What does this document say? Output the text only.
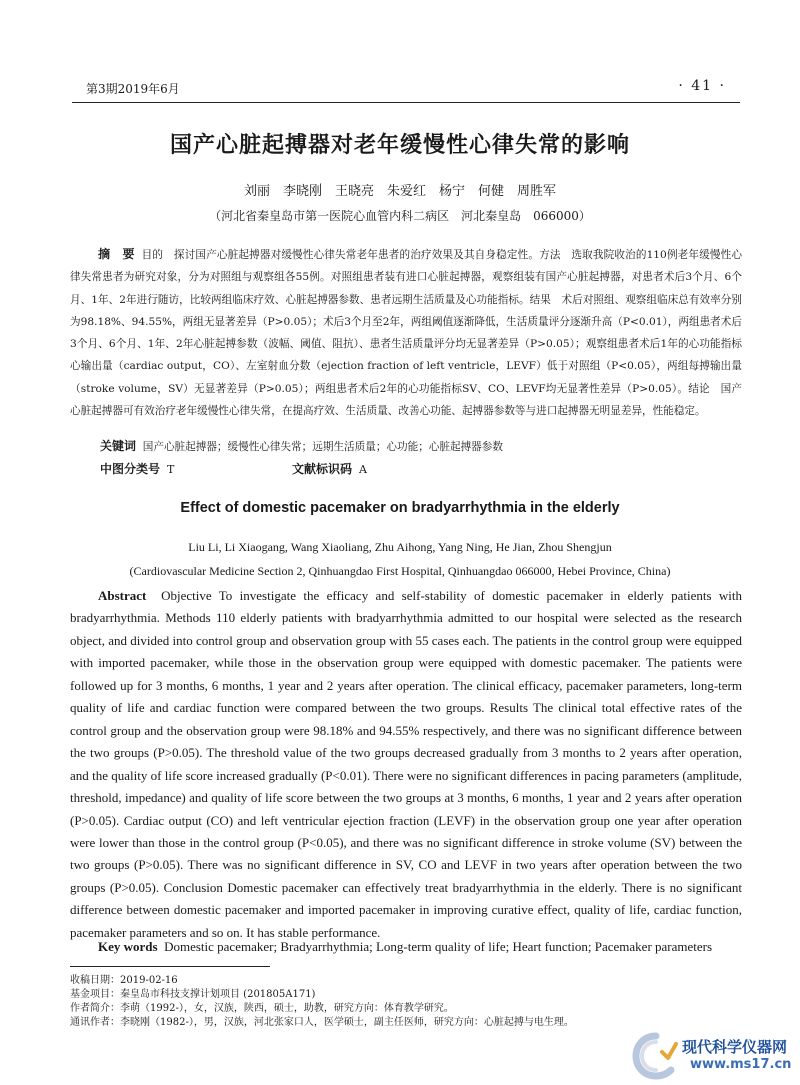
第3期2019年6月	· 41 ·
国产心脏起搏器对老年缓慢性心律失常的影响
刘丽　李晓刚　王晓亮　朱爱红　杨宁　何健　周胜军
（河北省秦皇岛市第一医院心血管内科二病区　河北秦皇岛　066000）
摘　要 目的　探讨国产心脏起搏器对缓慢性心律失常老年患者的治疗效果及其自身稳定性。方法　选取我院收治的110例老年缓慢性心律失常患者为研究对象，分为对照组与观察组各55例。对照组患者装有进口心脏起搏器，观察组装有国产心脏起搏器，对患者术后3个月、6个月、1年、2年进行随访，比较两组临床疗效、心脏起搏器参数、患者远期生活质量及心功能指标。结果　术后对照组、观察组临床总有效率分别为98.18%、94.55%，两组无显著差异（P>0.05）；术后3个月至2年，两组阈值逐渐降低，生活质量评分逐渐升高（P<0.01），两组患者术后3个月、6个月、1年、2年心脏起搏参数（波幅、阈值、阻抗）、患者生活质量评分均无显著差异（P>0.05）；观察组患者术后1年的心功能指标心输出量（cardiac output，CO）、左室射血分数（ejection fraction of left ventricle，LEVF）低于对照组（P<0.05），两组每搏输出量（stroke volume，SV）无显著差异（P>0.05）；两组患者术后2年的心功能指标SV、CO、LEVF均无显著性差异（P>0.05）。结论　国产心脏起搏器可有效治疗老年缓慢性心律失常，在提高疗效、生活质量、改善心功能、起搏器参数等与进口起搏器无明显差异，性能稳定。
关键词 国产心脏起搏器；缓慢性心律失常；远期生活质量；心功能；心脏起搏器参数
中图分类号 T	文献标识码 A
Effect of domestic pacemaker on bradyarrhythmia in the elderly
Liu Li, Li Xiaogang, Wang Xiaoliang, Zhu Aihong, Yang Ning, He Jian, Zhou Shengjun
(Cardiovascular Medicine Section 2, Qinhuangdao First Hospital, Qinhuangdao 066000, Hebei Province, China)
Abstract Objective To investigate the efficacy and self-stability of domestic pacemaker in elderly patients with bradyarrhythmia. Methods 110 elderly patients with bradyarrhythmia admitted to our hospital were selected as the research object, and divided into control group and observation group with 55 cases each. The patients in the control group were equipped with imported pacemaker, while those in the observation group were equipped with domestic pacemaker. The patients were followed up for 3 months, 6 months, 1 year and 2 years after operation. The clinical efficacy, pacemaker parameters, long-term quality of life and cardiac function were compared between the two groups. Results The clinical total effective rates of the control group and the observation group were 98.18% and 94.55% respectively, and there was no significant difference between the two groups (P>0.05). The threshold value of the two groups decreased gradually from 3 months to 2 years after operation, and the quality of life score increased gradually (P<0.01). There were no significant differences in pacing parameters (amplitude, threshold, impedance) and quality of life score between the two groups at 3 months, 6 months, 1 year and 2 years after operation (P>0.05). Cardiac output (CO) and left ventricular ejection fraction (LEVF) in the observation group one year after operation were lower than those in the control group (P<0.05), and there was no significant difference in stroke volume (SV) between the two groups (P>0.05). There was no significant difference in SV, CO and LEVF in two years after operation between the two groups (P>0.05). Conclusion Domestic pacemaker can effectively treat bradyarrhythmia in the elderly. There is no significant difference between domestic pacemaker and imported pacemaker in improving curative effect, quality of life, cardiac function, pacemaker parameters and so on. It has stable performance.
Key words Domestic pacemaker; Bradyarrhythmia; Long-term quality of life; Heart function; Pacemaker parameters
收稿日期：2019-02-16
基金项目：秦皇岛市科技支撑计划项目 (201805A171)
作者简介：李萌（1992-），女，汉族，陕西，硕士，助教，研究方向：体育教学研究。
通讯作者：李晓刚（1982-），男，汉族，河北张家口人，医学硕士，副主任医师，研究方向：心脏起搏与电生理。
现代科学仪器网
www.ms17.cn
